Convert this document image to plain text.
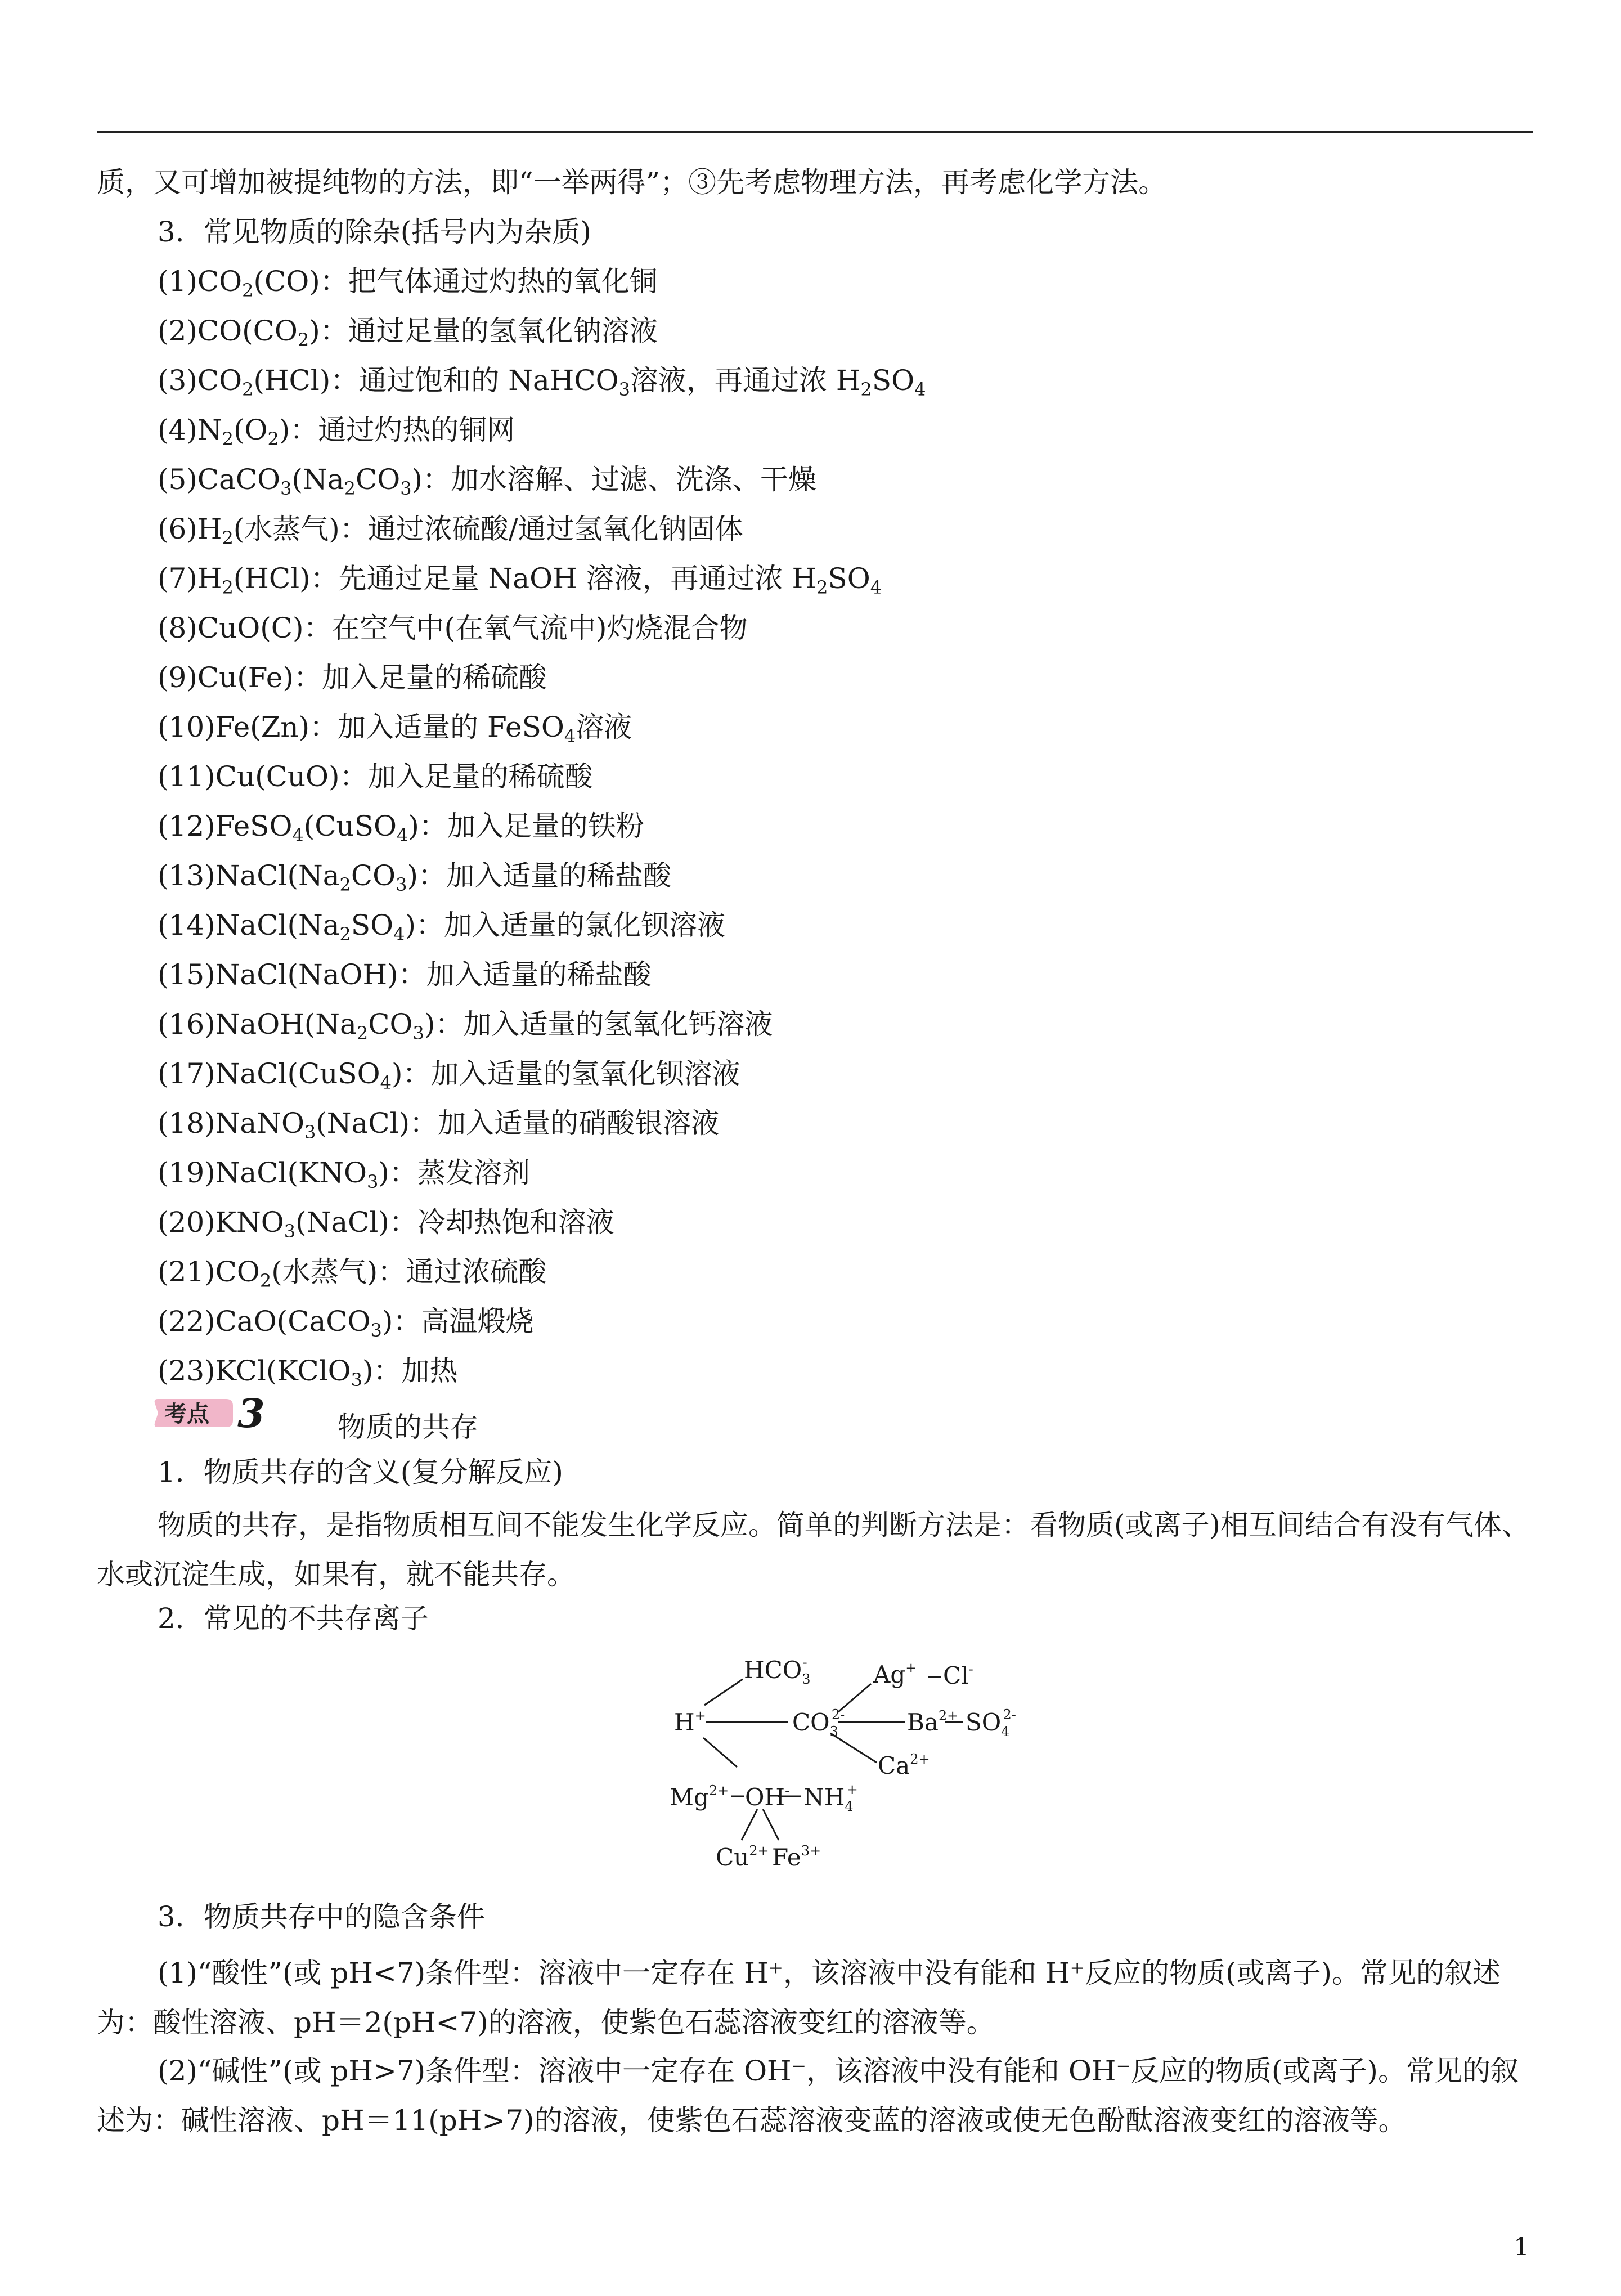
质，又可增加被提纯物的方法，即“一举两得”；③先考虑物理方法，再考虑化学方法。
3．常见物质的除杂(括号内为杂质)
$(1)CO_2(CO)$：把气体通过灼热的氧化铜
$(2)CO(CO_2)$：通过足量的氢氧化钠溶液
$(3)CO_2(HCl)$：通过饱和的 NaHCO$_3$溶液，再通过浓 $H_2SO_4$
$(4)N_2(O_2)$：通过灼热的铜网
$(5)CaCO_3(Na_2CO_3)$：加水溶解、过滤、洗涤、干燥
$(6)H_2$(水蒸气)：通过浓硫酸/通过氢氧化钠固体
$(7)H_2(HCl)$：先通过足量 NaOH 溶液，再通过浓 $H_2SO_4$
(8)CuO(C)：在空气中(在氧气流中)灼烧混合物
(9)Cu(Fe)：加入足量的稀硫酸
(10)Fe(Zn)：加入适量的 FeSO$_4$溶液
(11)Cu(CuO)：加入足量的稀硫酸
(12)FeSO$_4$(CuSO$_4$)：加入足量的铁粉
$(13)NaCl(Na_2CO_3)$：加入适量的稀盐酸
$(14)NaCl(Na_2SO_4)$：加入适量的氯化钡溶液
(15)NaCl(NaOH)：加入适量的稀盐酸
$(16)NaOH(Na_2CO_3)$：加入适量的氢氧化钙溶液
(17)NaCl(CuSO$_4$)：加入适量的氢氧化钡溶液
(18)NaNO$_3$(NaCl)：加入适量的硝酸银溶液
$(19)NaCl(KNO_3)$：蒸发溶剂
$(20)KNO_3(NaCl)$：冷却热饱和溶液
$(21)CO_2$(水蒸气)：通过浓硫酸
(22)CaO(CaCO$_3$)：高温煅烧
(23)KCl(KClO$_3$)：加热
考点 3	物质的共存
1．物质共存的含义(复分解反应)
物质的共存，是指物质相互间不能发生化学反应。简单的判断方法是：看物质(或离子)相互间结合有没有气体、水或沉淀生成，如果有，就不能共存。
2．常见的不共存离子
H+
$HCO_3-$
$CO_32-$
Ag+ Cl-
$Ba^{2+}$ $SO_42-$
$Ca^{2+}$
$Mg^{2+}$ OH- $NH_4+$
$Cu^{2+}$ $Fe^{3+}$
3．物质共存中的隐含条件
(1)“酸性”(或 pH<7)条件型：溶液中一定存在 H⁺，该溶液中没有能和 H⁺反应的物质(或离子)。常见的叙述为：酸性溶液、pH＝2(pH<7)的溶液，使紫色石蕊溶液变红的溶液等。
(2)“碱性”(或 pH>7)条件型：溶液中一定存在 OH⁻，该溶液中没有能和 OH⁻反应的物质(或离子)。常见的叙述为：碱性溶液、pH＝11(pH>7)的溶液，使紫色石蕊溶液变蓝的溶液或使无色酚酞溶液变红的溶液等。
1
